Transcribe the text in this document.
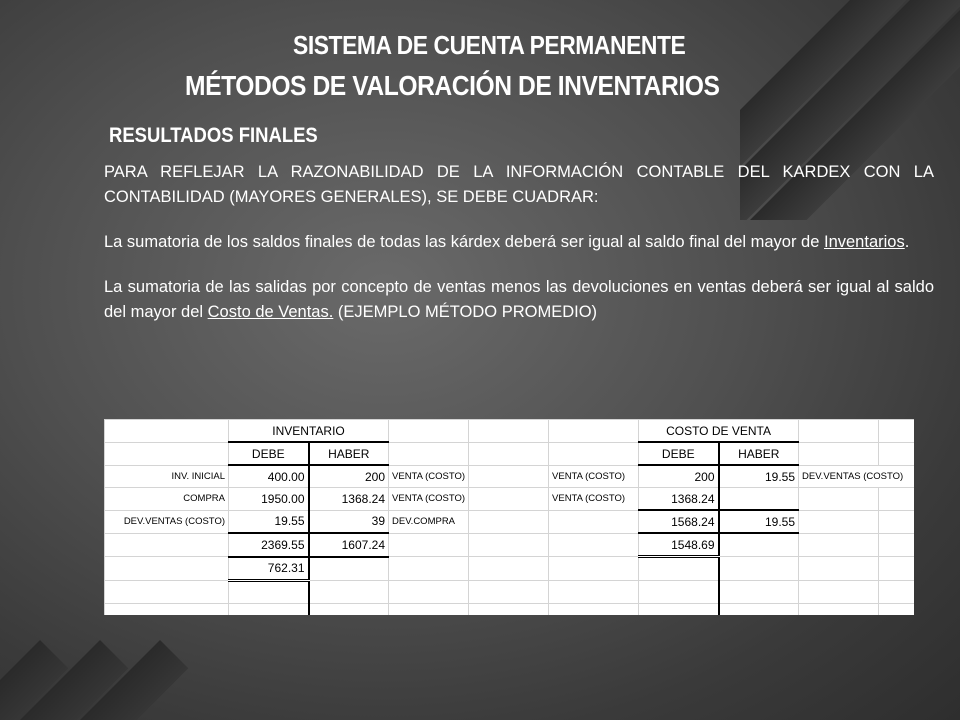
SISTEMA DE CUENTA PERMANENTE
MÉTODOS DE VALORACIÓN DE INVENTARIOS
RESULTADOS FINALES

PARA REFLEJAR LA RAZONABILIDAD DE LA INFORMACIÓN CONTABLE DEL KARDEX CON LA CONTABILIDAD (MAYORES GENERALES), SE DEBE CUADRAR:

La sumatoria de los saldos finales de todas las kárdex deberá ser igual al saldo final del mayor de Inventarios.

La sumatoria de las salidas por concepto de ventas menos las devoluciones en ventas deberá ser igual al saldo del mayor del Costo de Ventas. (EJEMPLO MÉTODO PROMEDIO)

	INVENTARIO					COSTO DE VENTA			
	DEBE	HABER				DEBE	HABER		
INV. INICIAL	400.00	200	VENTA (COSTO)		VENTA (COSTO)	200	19.55	DEV.VENTAS (COSTO)	
COMPRA	1950.00	1368.24	VENTA (COSTO)		VENTA (COSTO)	1368.24			
DEV.VENTAS (COSTO)	19.55	39	DEV.COMPRA			1568.24	19.55		
	2369.55	1607.24				1548.69			
	762.31								
